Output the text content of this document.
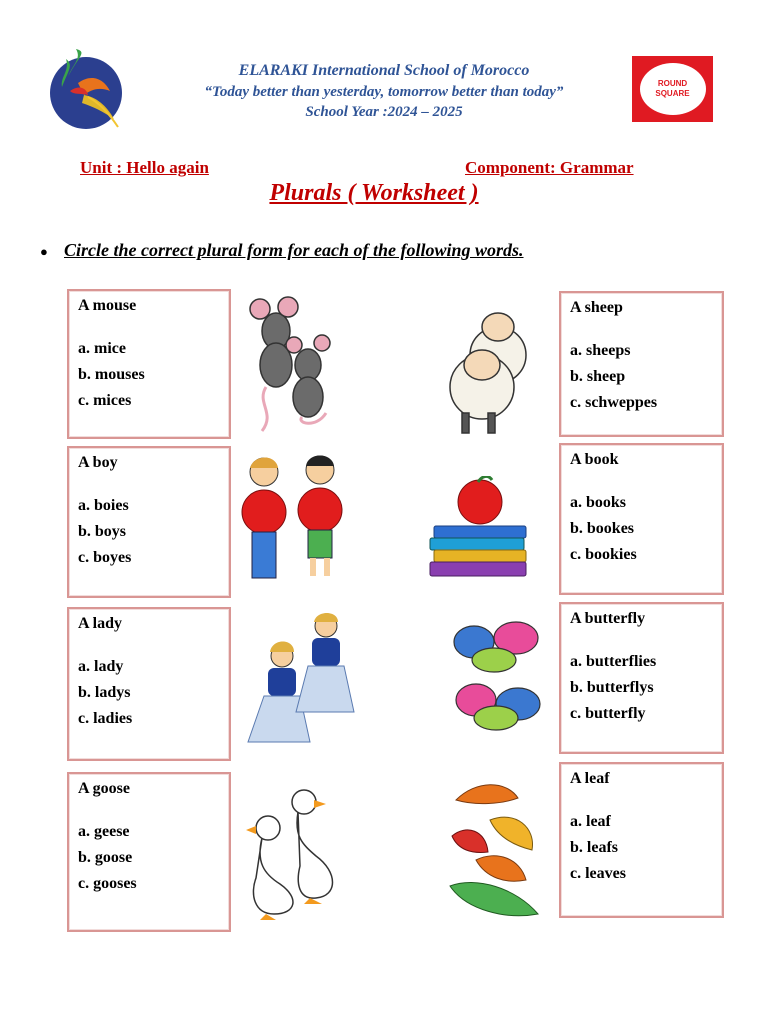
ELARAKI International School of Morocco
“Today better than yesterday, tomorrow better than today”
School Year :2024 – 2025
ROUND
SQUARE
Unit : Hello again	Component: Grammar
Plurals ( Worksheet )
● Circle the correct plural form for each of the following words.
A mouse
a. mice
b. mouses
c. mices
A sheep
a. sheeps
b. sheep
c. schweppes
A boy
a. boies
b. boys
c. boyes
A book
a. books
b. bookes
c. bookies
A lady
a. lady
b. ladys
c. ladies
A butterfly
a. butterflies
b. butterflys
c. butterfly
A goose
a. geese
b. goose
c. gooses
A leaf
a. leaf
b. leafs
c. leaves
